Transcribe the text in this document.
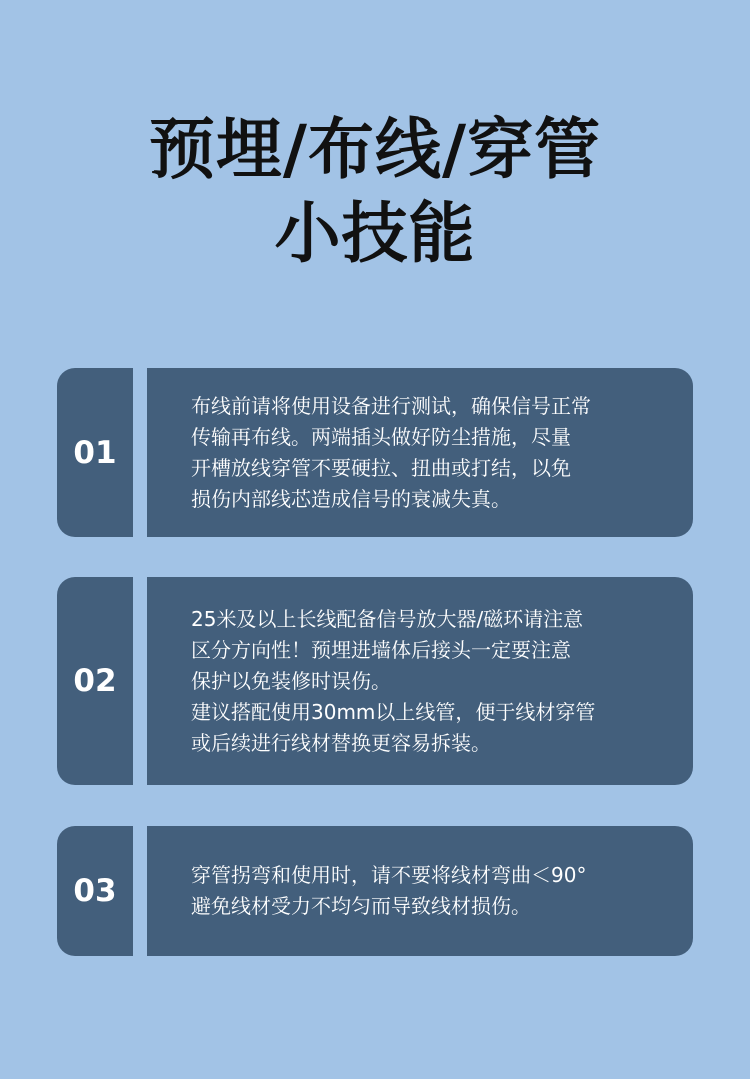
预埋/布线/穿管
小技能
01
布线前请将使用设备进行测试，确保信号正常
传输再布线。两端插头做好防尘措施，尽量
开槽放线穿管不要硬拉、扭曲或打结，以免
损伤内部线芯造成信号的衰减失真。
02
25米及以上长线配备信号放大器/磁环请注意
区分方向性！预埋进墙体后接头一定要注意
保护以免装修时误伤。
建议搭配使用30mm以上线管，便于线材穿管
或后续进行线材替换更容易拆装。
03	穿管拐弯和使用时，请不要将线材弯曲＜90°
避免线材受力不均匀而导致线材损伤。
